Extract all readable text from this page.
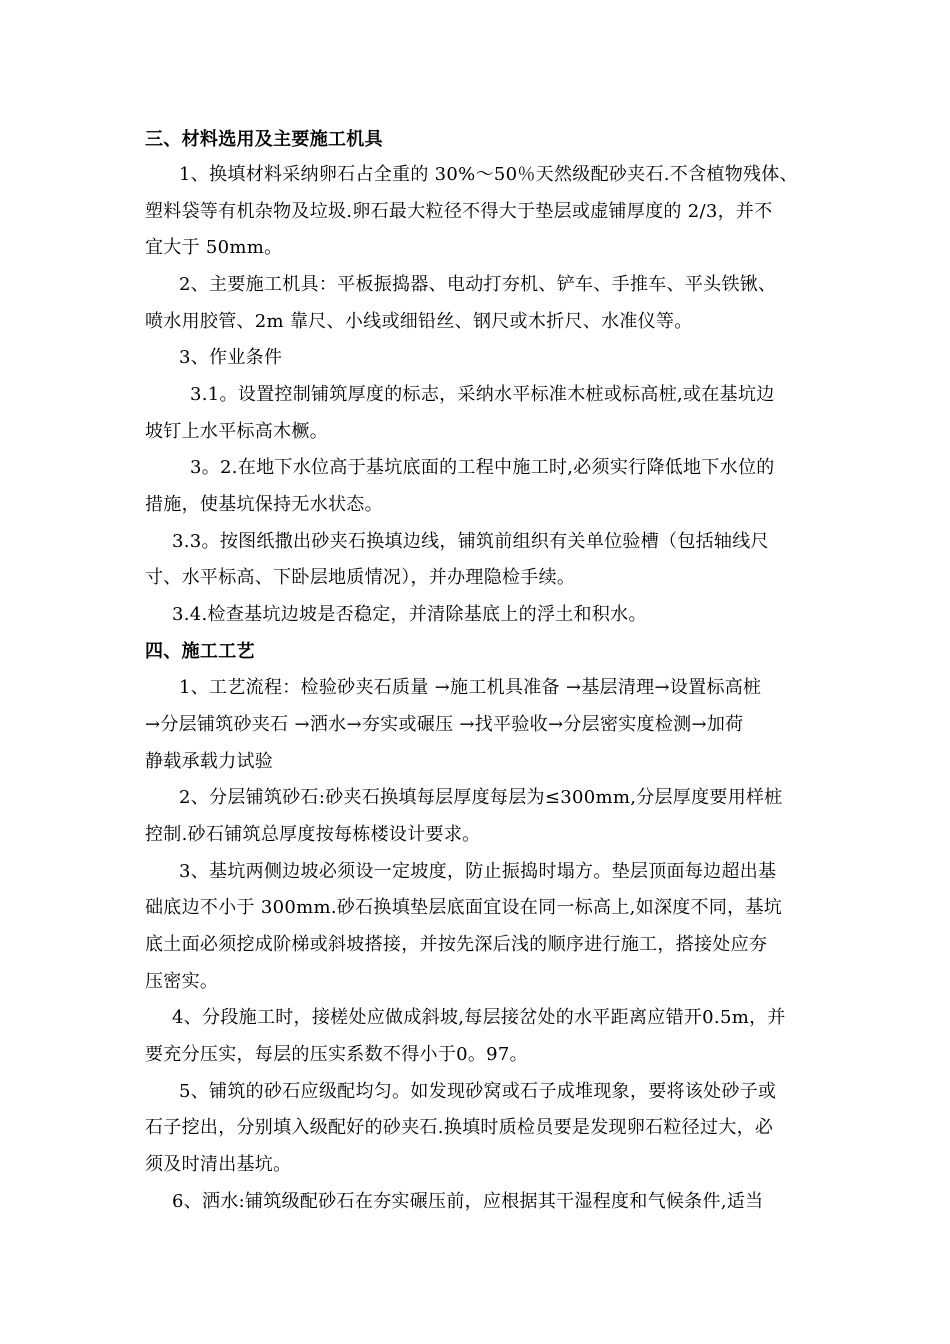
三、材料选用及主要施工机具
1、换填材料采纳卵石占全重的 30%～50％天然级配砂夹石.不含植物残体、
塑料袋等有机杂物及垃圾.卵石最大粒径不得大于垫层或虚铺厚度的 2/3，并不
宜大于 50mm。
2、主要施工机具：平板振捣器、电动打夯机、铲车、手推车、平头铁锹、
喷水用胶管、2m 靠尺、小线或细铅丝、钢尺或木折尺、水准仪等。
3、作业条件
3.1。设置控制铺筑厚度的标志，采纳水平标准木桩或标高桩,或在基坑边
坡钉上水平标高木橛。
3。2.在地下水位高于基坑底面的工程中施工时,必须实行降低地下水位的
措施，使基坑保持无水状态。
3.3。按图纸撒出砂夹石换填边线，铺筑前组织有关单位验槽（包括轴线尺
寸、水平标高、下卧层地质情况），并办理隐检手续。
3.4.检查基坑边坡是否稳定，并清除基底上的浮土和积水。
四、施工工艺
1、工艺流程：检验砂夹石质量 →施工机具准备 →基层清理→设置标高桩
→分层铺筑砂夹石 →洒水→夯实或碾压 →找平验收→分层密实度检测→加荷
静载承载力试验
2、分层铺筑砂石:砂夹石换填每层厚度每层为≤300mm,分层厚度要用样桩
控制.砂石铺筑总厚度按每栋楼设计要求。
3、基坑两侧边坡必须设一定坡度，防止振捣时塌方。垫层顶面每边超出基
础底边不小于 300mm.砂石换填垫层底面宜设在同一标高上,如深度不同，基坑
底土面必须挖成阶梯或斜坡搭接，并按先深后浅的顺序进行施工，搭接处应夯
压密实。
4、分段施工时，接槎处应做成斜坡,每层接岔处的水平距离应错开0.5m，并
要充分压实，每层的压实系数不得小于0。97。
5、铺筑的砂石应级配均匀。如发现砂窝或石子成堆现象，要将该处砂子或
石子挖出，分别填入级配好的砂夹石.换填时质检员要是发现卵石粒径过大，必
须及时清出基坑。
6、洒水:铺筑级配砂石在夯实碾压前，应根据其干湿程度和气候条件,适当
